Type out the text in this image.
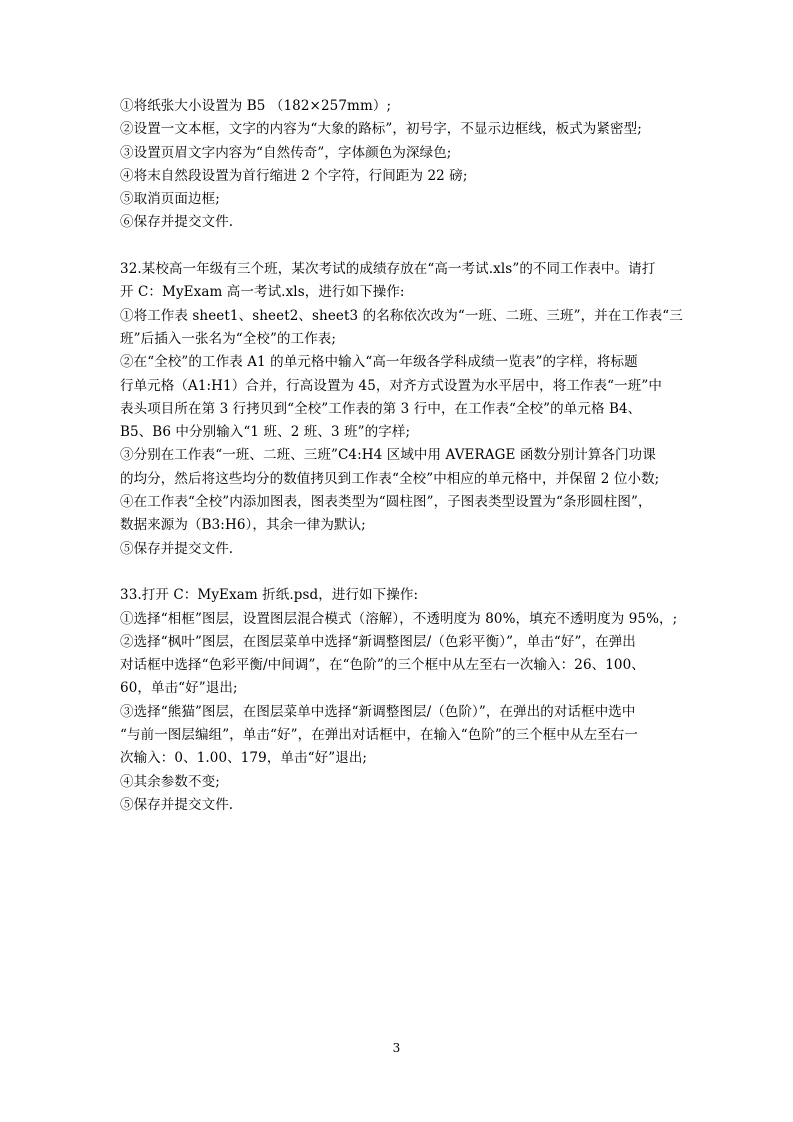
①将纸张大小设置为 B5 （182×257mm）;
②设置一文本框，文字的内容为“大象的路标”，初号字，不显示边框线，板式为紧密型;
③设置页眉文字内容为“自然传奇”，字体颜色为深绿色;
④将末自然段设置为首行缩进 2 个字符，行间距为 22 磅;
⑤取消页面边框;
⑥保存并提交文件.
32.某校高一年级有三个班，某次考试的成绩存放在“高一考试.xls”的不同工作表中。请打
开 C：MyExam 高一考试.xls，进行如下操作:
①将工作表 sheet1、sheet2、sheet3 的名称依次改为“一班、二班、三班”，并在工作表“三
班”后插入一张名为“全校”的工作表;
②在“全校”的工作表 A1 的单元格中输入“高一年级各学科成绩一览表”的字样，将标题
行单元格（A1:H1）合并，行高设置为 45，对齐方式设置为水平居中，将工作表“一班”中
表头项目所在第 3 行拷贝到“全校”工作表的第 3 行中，在工作表“全校”的单元格 B4、
B5、B6 中分别输入“1 班、2 班、3 班”的字样;
③分别在工作表“一班、二班、三班”C4:H4 区域中用 AVERAGE 函数分别计算各门功课
的均分，然后将这些均分的数值拷贝到工作表“全校”中相应的单元格中，并保留 2 位小数;
④在工作表“全校”内添加图表，图表类型为“圆柱图”，子图表类型设置为“条形圆柱图”，
数据来源为（B3:H6），其余一律为默认;
⑤保存并提交文件.
33.打开 C：MyExam 折纸.psd，进行如下操作:
①选择“相框”图层，设置图层混合模式（溶解），不透明度为 80%，填充不透明度为 95%，;
②选择“枫叶”图层，在图层菜单中选择“新调整图层/（色彩平衡）”，单击“好”，在弹出
对话框中选择“色彩平衡/中间调”，在“色阶”的三个框中从左至右一次输入：26、100、
60，单击“好”退出;
③选择“熊猫”图层，在图层菜单中选择“新调整图层/（色阶）”，在弹出的对话框中选中
“与前一图层编组”，单击“好”，在弹出对话框中，在输入“色阶”的三个框中从左至右一
次输入：0、1.00、179，单击“好”退出;
④其余参数不变;
⑤保存并提交文件.
3
